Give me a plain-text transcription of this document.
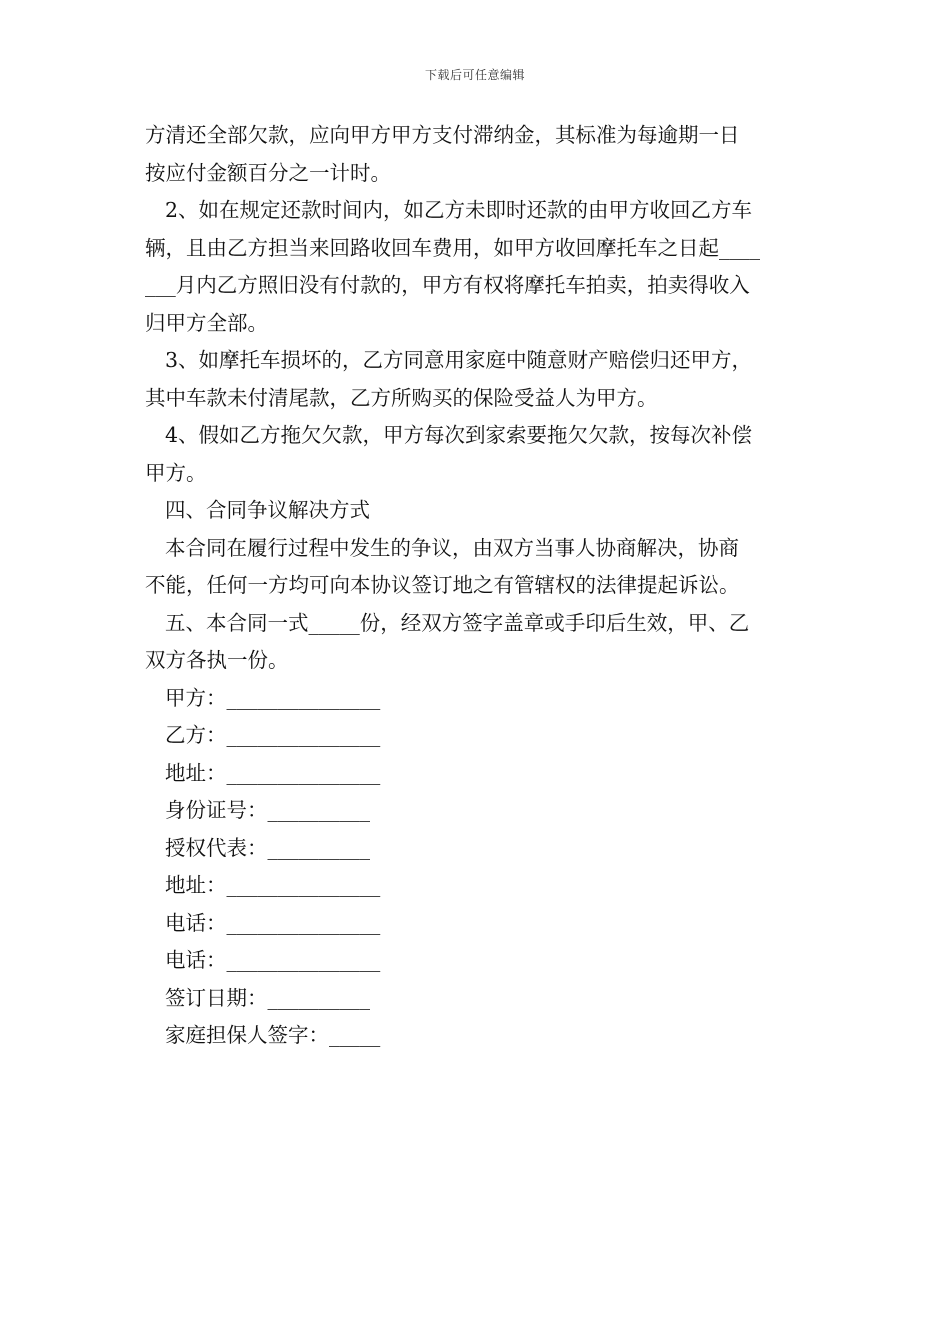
下载后可任意编辑
方清还全部欠款，应向甲方甲方支付滞纳金，其标准为每逾期一日
按应付金额百分之一计时。
2、如在规定还款时间内，如乙方未即时还款的由甲方收回乙方车
辆，且由乙方担当来回路收回车费用，如甲方收回摩托车之日起____
___月内乙方照旧没有付款的，甲方有权将摩托车拍卖，拍卖得收入
归甲方全部。
3、如摩托车损坏的，乙方同意用家庭中随意财产赔偿归还甲方，
其中车款未付清尾款，乙方所购买的保险受益人为甲方。
4、假如乙方拖欠欠款，甲方每次到家索要拖欠欠款，按每次补偿
甲方。
四、合同争议解决方式
本合同在履行过程中发生的争议，由双方当事人协商解决，协商
不能，任何一方均可向本协议签订地之有管辖权的法律提起诉讼。
五、本合同一式_____份，经双方签字盖章或手印后生效，甲、乙
双方各执一份。
甲方：_______________
乙方：_______________
地址：_______________
身份证号：__________
授权代表：__________
地址：_______________
电话：_______________
电话：_______________
签订日期：__________
家庭担保人签字：_____
